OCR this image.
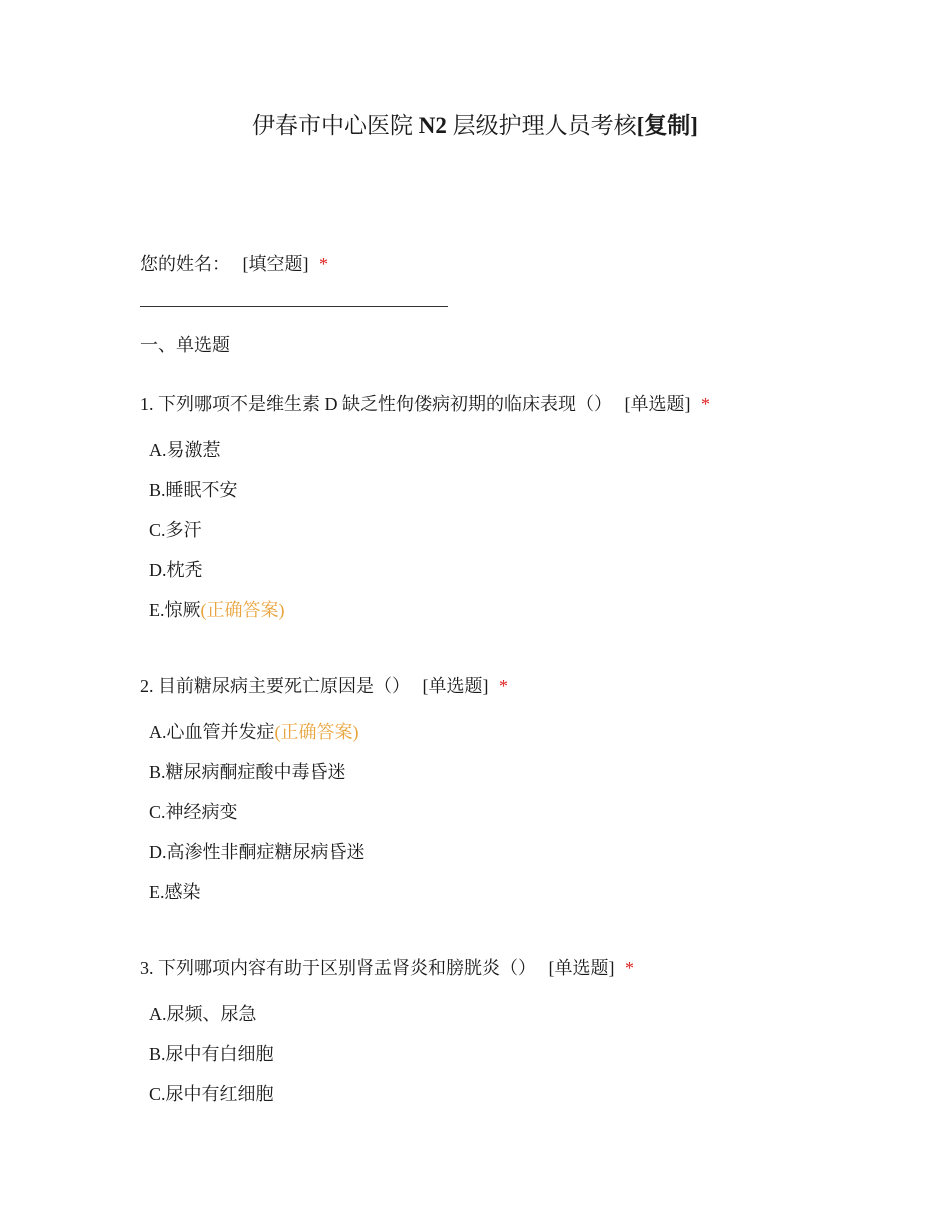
伊春市中心医院 N2 层级护理人员考核[复制]
您的姓名： [填空题] *
一、单选题
1. 下列哪项不是维生素 D 缺乏性佝偻病初期的临床表现（） [单选题] *
A.易激惹
B.睡眠不安
C.多汗
D.枕秃
E.惊厥(正确答案)
2. 目前糖尿病主要死亡原因是（） [单选题] *
A.心血管并发症(正确答案)
B.糖尿病酮症酸中毒昏迷
C.神经病变
D.高渗性非酮症糖尿病昏迷
E.感染
3. 下列哪项内容有助于区别肾盂肾炎和膀胱炎（） [单选题] *
A.尿频、尿急
B.尿中有白细胞
C.尿中有红细胞
